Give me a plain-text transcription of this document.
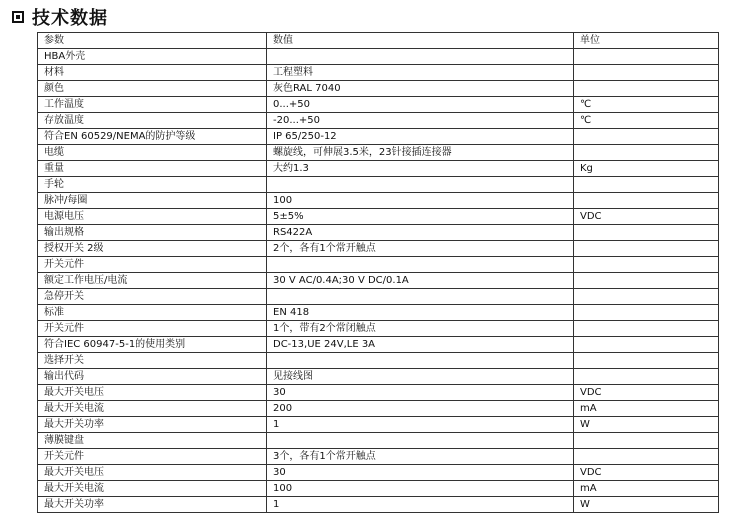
技术数据
参数	数值	单位
HBA外壳		
材料	工程塑料	
颜色	灰色RAL 7040	
工作温度	0...+50	℃
存放温度	-20...+50	℃
符合EN 60529/NEMA的防护等级	IP 65/250-12	
电缆	螺旋线，可伸展3.5米，23针接插连接器	
重量	大约1.3	Kg
手轮		
脉冲/每圈	100	
电源电压	5±5%	VDC
输出规格	RS422A	
授权开关 2级	2个，各有1个常开触点	
开关元件		
额定工作电压/电流	30 V AC/0.4A;30 V DC/0.1A	
急停开关		
标准	EN 418	
开关元件	1个，带有2个常闭触点	
符合IEC 60947-5-1的使用类别	DC-13,UE 24V,LE 3A	
选择开关		
输出代码	见接线图	
最大开关电压	30	VDC
最大开关电流	200	mA
最大开关功率	1	W
薄膜键盘		
开关元件	3个，各有1个常开触点	
最大开关电压	30	VDC
最大开关电流	100	mA
最大开关功率	1	W
